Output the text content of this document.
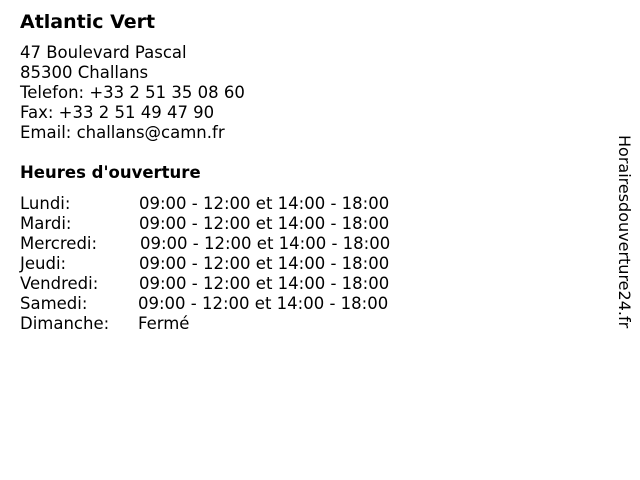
Atlantic Vert
47 Boulevard Pascal
85300 Challans
Telefon: +33 2 51 35 08 60
Fax: +33 2 51 49 47 90
Email: challans@camn.fr
Heures d'ouverture
Lundi:	09:00 - 12:00 et 14:00 - 18:00
Mardi:	09:00 - 12:00 et 14:00 - 18:00
Mercredi:	09:00 - 12:00 et 14:00 - 18:00
Jeudi:	09:00 - 12:00 et 14:00 - 18:00
Vendredi: 09:00 - 12:00 et 14:00 - 18:00
Samedi:	09:00 - 12:00 et 14:00 - 18:00
Dimanche: Fermé	Horairesdouverture24.fr
